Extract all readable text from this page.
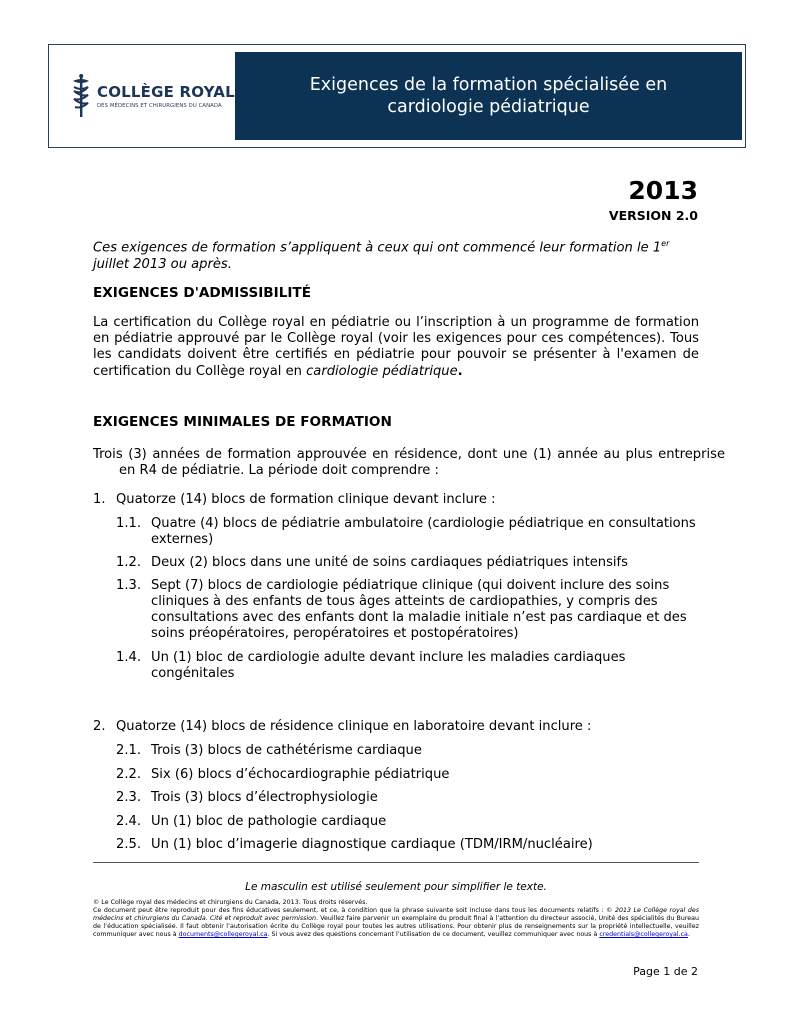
COLLÈGE ROYAL
DES MÉDECINS ET CHIRURGIENS DU CANADA
Exigences de la formation spécialisée en
cardiologie pédiatrique
2013
VERSION 2.0
Ces exigences de formation s’appliquent à ceux qui ont commencé leur formation le 1er
juillet 2013 ou après.
EXIGENCES D'ADMISSIBILITÉ
La certification du Collège royal en pédiatrie ou l’inscription à un programme de formation en pédiatrie approuvé par le Collège royal (voir les exigences pour ces compétences). Tous les candidats doivent être certifiés en pédiatrie pour pouvoir se présenter à l'examen de certification du Collège royal en cardiologie pédiatrique.
EXIGENCES MINIMALES DE FORMATION
Trois (3) années de formation approuvée en résidence, dont une (1) année au plus entreprise en R4 de pédiatrie. La période doit comprendre :
1. Quatorze (14) blocs de formation clinique devant inclure :
1.1. Quatre (4) blocs de pédiatrie ambulatoire (cardiologie pédiatrique en consultations
externes)
1.2. Deux (2) blocs dans une unité de soins cardiaques pédiatriques intensifs
1.3. Sept (7) blocs de cardiologie pédiatrique clinique (qui doivent inclure des soins
cliniques à des enfants de tous âges atteints de cardiopathies, y compris des
consultations avec des enfants dont la maladie initiale n’est pas cardiaque et des
soins préopératoires, peropératoires et postopératoires)
1.4. Un (1) bloc de cardiologie adulte devant inclure les maladies cardiaques
congénitales
2. Quatorze (14) blocs de résidence clinique en laboratoire devant inclure :
2.1. Trois (3) blocs de cathétérisme cardiaque
2.2. Six (6) blocs d’échocardiographie pédiatrique
2.3. Trois (3) blocs d’électrophysiologie
2.4. Un (1) bloc de pathologie cardiaque
2.5. Un (1) bloc d’imagerie diagnostique cardiaque (TDM/IRM/nucléaire)
Le masculin est utilisé seulement pour simplifier le texte.
© Le Collège royal des médecins et chirurgiens du Canada, 2013. Tous droits réservés.
Ce document peut être reproduit pour des fins éducatives seulement, et ce, à condition que la phrase suivante soit incluse dans tous les documents relatifs : © 2013 Le Collège royal des médecins et chirurgiens du Canada. Cité et reproduit avec permission. Veuillez faire parvenir un exemplaire du produit final à l’attention du directeur associé, Unité des spécialités du Bureau de l’éducation spécialisée. Il faut obtenir l’autorisation écrite du Collège royal pour toutes les autres utilisations. Pour obtenir plus de renseignements sur la propriété intellectuelle, veuillez communiquer avec nous à documents@collegeroyal.ca. Si vous avez des questions concernant l’utilisation de ce document, veuillez communiquer avec nous à credentials@collegeroyal.ca.
Page 1 de 2
